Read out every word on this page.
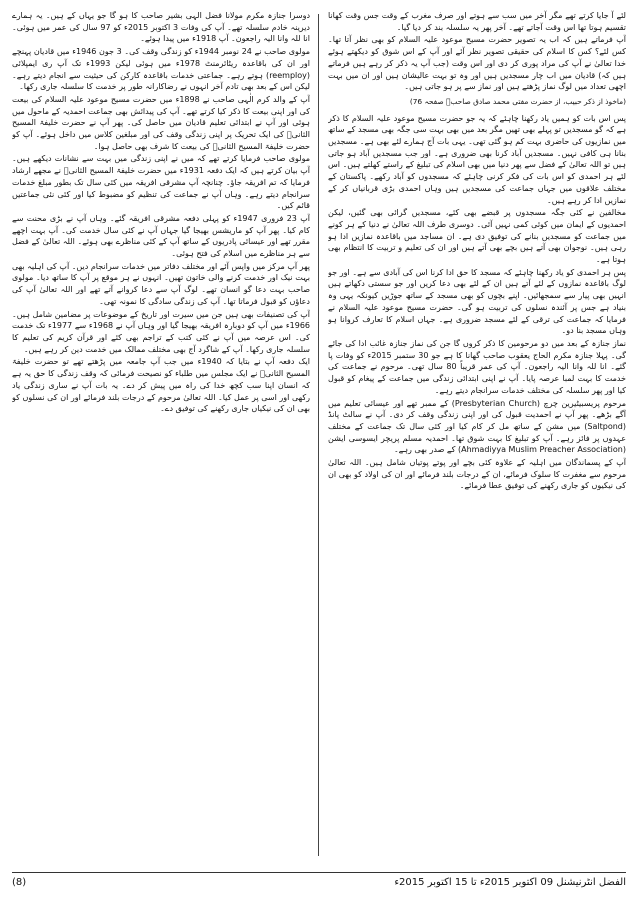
لئے آ جایا کرتے تھے مگر آخر میں سب سے ہوتے اور صرف مغرب کے وقت جس وقت کھانا تقسیم ہوتا تھا اس وقت آجاتے تھے۔ آخر پھر یہ سلسلہ بند کر دیا گیا۔

آپ فرماتے ہیں کہ اب یہ تصویر حضرت مسیح موعود علیہ السلام کو بھی نظر آتا تھا۔ کس لئے؟ کس کا اسلام کی حقیقی تصویر نظر آئے اور آپ کے اس شوق کو دیکھتے ہوئے خدا تعالیٰ نے آپ کی مراد پوری کر دی اور اس وقت (جب آپ یہ ذکر کر رہے ہیں فرماتے ہیں کہ) قادیان میں اب چار مسجدیں ہیں اور وہ تو بہت عالیشان ہیں اور ان میں بہت اچھی تعداد میں لوگ نماز پڑھتے ہیں اور نماز سے پر ہو جاتی ہیں۔

(ماخوذ از ذکر حبیب، از حضرت مفتی محمد صادق صاحبؓ صفحہ 76)

پس اس بات کو ہمیں یاد رکھنا چاہئے کہ یہ جو حضرت مسیح موعود علیہ السلام کا ذکر ہے کہ گو مسجدیں تو پہلے بھی تھیں مگر بعد میں بھی بہت سی جگہ بھی مسجد کے ساتھ میں نمازیوں کی حاضری بہت کم ہو گئی تھی۔ یہی بات آج ہمارے لئے بھی ہے۔ مسجدیں بنانا ہی کافی نہیں۔ مسجدیں آباد کرنا بھی ضروری ہے۔ اور جب مسجدیں آباد ہو جاتی ہیں تو اللہ تعالیٰ کے فضل سے پھر دنیا میں بھی اسلام کی تبلیغ کے راستے کھلتے ہیں۔ اس لئے ہر احمدی کو اس بات کی فکر کرنی چاہئے کہ مسجدوں کو آباد رکھے۔ پاکستان کے مختلف علاقوں میں جہاں جماعت کی مسجدیں ہیں وہاں احمدی بڑی قربانیاں کر کے نمازیں ادا کر رہے ہیں۔

مخالفین نے کئی جگہ مسجدوں پر قبضے بھی کئے، مسجدیں گرائی بھی گئیں، لیکن احمدیوں کے ایمان میں کوئی کمی نہیں آئی۔ دوسری طرف اللہ تعالیٰ نے دنیا کے ہر کونے میں جماعت کو مسجدیں بنانے کی توفیق دی ہے۔ ان مساجد میں باقاعدہ نمازیں ادا ہو رہی ہیں۔ نوجوان بھی آتے ہیں بچے بھی آتے ہیں اور ان کی تعلیم و تربیت کا انتظام بھی ہوتا ہے۔

پس ہر احمدی کو یاد رکھنا چاہئے کہ مسجد کا حق ادا کرنا اس کی آبادی سے ہے۔ اور جو لوگ باقاعدہ نمازوں کے لئے آتے ہیں ان کے لئے بھی دعا کریں اور جو سستی دکھاتے ہیں انہیں بھی پیار سے سمجھائیں۔ اپنے بچوں کو بھی مسجد کے ساتھ جوڑیں کیونکہ یہی وہ بنیاد ہے جس پر آئندہ نسلوں کی تربیت ہو گی۔ حضرت مسیح موعود علیہ السلام نے فرمایا کہ جماعت کی ترقی کے لئے مسجد ضروری ہے۔ جہاں اسلام کا تعارف کروانا ہو وہاں مسجد بنا دو۔

نماز جنازہ کے بعد میں دو مرحومین کا ذکر کروں گا جن کی نماز جنازہ غائب ادا کی جائے گی۔ پہلا جنازہ مکرم الحاج یعقوب صاحب گھانا کا ہے جو 30 ستمبر 2015ء کو وفات پا گئے۔ انا للہ وانا الیہ راجعون۔ آپ کی عمر قریباً 80 سال تھی۔ مرحوم نے جماعت کی خدمت کا بہت لمبا عرصہ پایا۔ آپ نے اپنی ابتدائی زندگی میں جماعت کے پیغام کو قبول کیا اور پھر سلسلہ کی مختلف خدمات سرانجام دیتے رہے۔

مرحوم پریسبیٹیرین چرچ (Presbyterian Church) کے ممبر تھے اور عیسائی تعلیم میں آگے بڑھے۔ پھر آپ نے احمدیت قبول کی اور اپنی زندگی وقف کر دی۔ آپ نے سالٹ پانڈ (Saltpond) میں مشن کے ساتھ مل کر کام کیا اور کئی سال تک جماعت کے مختلف عہدوں پر فائز رہے۔ آپ کو تبلیغ کا بہت شوق تھا۔ احمدیہ مسلم پریچر ایسوسی ایشن (Ahmadiyya Muslim Preacher Association) کے صدر بھی رہے۔

آپ کے پسماندگان میں اہلیہ کے علاوہ کئی بچے اور پوتے پوتیاں شامل ہیں۔ اللہ تعالیٰ مرحوم سے مغفرت کا سلوک فرمائے، ان کے درجات بلند فرمائے اور ان کی اولاد کو بھی ان کی نیکیوں کو جاری رکھنے کی توفیق عطا فرمائے۔

دوسرا جنازہ مکرم مولانا فضل الہی بشیر صاحب کا ہو گا جو یہاں کے ہیں۔ یہ ہمارے دیرینہ خادم سلسلہ تھے۔ آپ کی وفات 3 اکتوبر 2015ء کو 97 سال کی عمر میں ہوئی۔ انا للہ وانا الیہ راجعون۔ آپ 1918ء میں پیدا ہوئے۔

مولوی صاحب نے 24 نومبر 1944ء کو زندگی وقف کی۔ 3 جون 1946ء میں قادیان پہنچے اور ان کی باقاعدہ ریٹائرمنٹ 1978ء میں ہوئی لیکن 1993ء تک آپ ری ایمپلائی (reemploy) ہوتے رہے۔ جماعتی خدمات باقاعدہ کارکن کی حیثیت سے انجام دیتے رہے۔ لیکن اس کے بعد بھی تادم آخر انہوں نے رضاکارانہ طور پر خدمت کا سلسلہ جاری رکھا۔

آپ کے والد کرم الٰہی صاحب نے 1898ء میں حضرت مسیح موعود علیہ السلام کی بیعت کی اور اپنی بیعت کا ذکر کیا کرتے تھے۔ آپ کی پیدائش بھی جماعت احمدیہ کے ماحول میں ہوئی اور آپ نے ابتدائی تعلیم قادیان میں حاصل کی۔ پھر آپ نے حضرت خلیفۃ المسیح الثانیؓ کی ایک تحریک پر اپنی زندگی وقف کی اور مبلغین کلاس میں داخل ہوئے۔ آپ کو حضرت خلیفۃ المسیح الثانیؓ کی بیعت کا شرف بھی حاصل ہوا۔

مولوی صاحب فرمایا کرتے تھے کہ میں نے اپنی زندگی میں بہت سے نشانات دیکھے ہیں۔ آپ بیان کرتے ہیں کہ ایک دفعہ 1931ء میں حضرت خلیفۃ المسیح الثانیؓ نے مجھے ارشاد فرمایا کہ تم افریقہ جاؤ۔ چنانچہ آپ مشرقی افریقہ میں کئی سال تک بطور مبلغ خدمات سرانجام دیتے رہے۔ وہاں آپ نے جماعت کی تنظیم کو مضبوط کیا اور کئی نئی جماعتیں قائم کیں۔

آپ 23 فروری 1947ء کو پہلی دفعہ مشرقی افریقہ گئے۔ وہاں آپ نے بڑی محنت سے کام کیا۔ پھر آپ کو ماریشس بھیجا گیا جہاں آپ نے کئی سال خدمت کی۔ آپ بہت اچھے مقرر تھے اور عیسائی پادریوں کے ساتھ آپ کے کئی مناظرے بھی ہوئے۔ اللہ تعالیٰ کے فضل سے ہر مناظرے میں اسلام کی فتح ہوئی۔

پھر آپ مرکز میں واپس آئے اور مختلف دفاتر میں خدمات سرانجام دیں۔ آپ کی اہلیہ بھی بہت نیک اور خدمت کرنے والی خاتون تھیں۔ انہوں نے ہر موقع پر آپ کا ساتھ دیا۔ مولوی صاحب بہت دعا گو انسان تھے۔ لوگ آپ سے دعا کروانے آتے تھے اور اللہ تعالیٰ آپ کی دعاؤں کو قبول فرماتا تھا۔ آپ کی زندگی سادگی کا نمونہ تھی۔

آپ کی تصنیفات بھی ہیں جن میں سیرت اور تاریخ کے موضوعات پر مضامین شامل ہیں۔ 1966ء میں آپ کو دوبارہ افریقہ بھیجا گیا اور وہاں آپ نے 1968ء سے 1977ء تک خدمت کی۔ اس عرصہ میں آپ نے کئی کتب کے تراجم بھی کئے اور قرآن کریم کی تعلیم کا سلسلہ جاری رکھا۔ آپ کے شاگرد آج بھی مختلف ممالک میں خدمت دین کر رہے ہیں۔

ایک دفعہ آپ نے بتایا کہ 1940ء میں جب آپ جامعہ میں پڑھتے تھے تو حضرت خلیفۃ المسیح الثانیؓ نے ایک مجلس میں طلباء کو نصیحت فرمائی کہ وقف زندگی کا حق یہ ہے کہ انسان اپنا سب کچھ خدا کی راہ میں پیش کر دے۔ یہ بات آپ نے ساری زندگی یاد رکھی اور اسی پر عمل کیا۔ اللہ تعالیٰ مرحوم کے درجات بلند فرمائے اور ان کی نسلوں کو بھی ان کی نیکیاں جاری رکھنے کی توفیق دے۔

(8)	الفضل انٹرنیشنل 09 اکتوبر 2015ء تا 15 اکتوبر 2015ء
